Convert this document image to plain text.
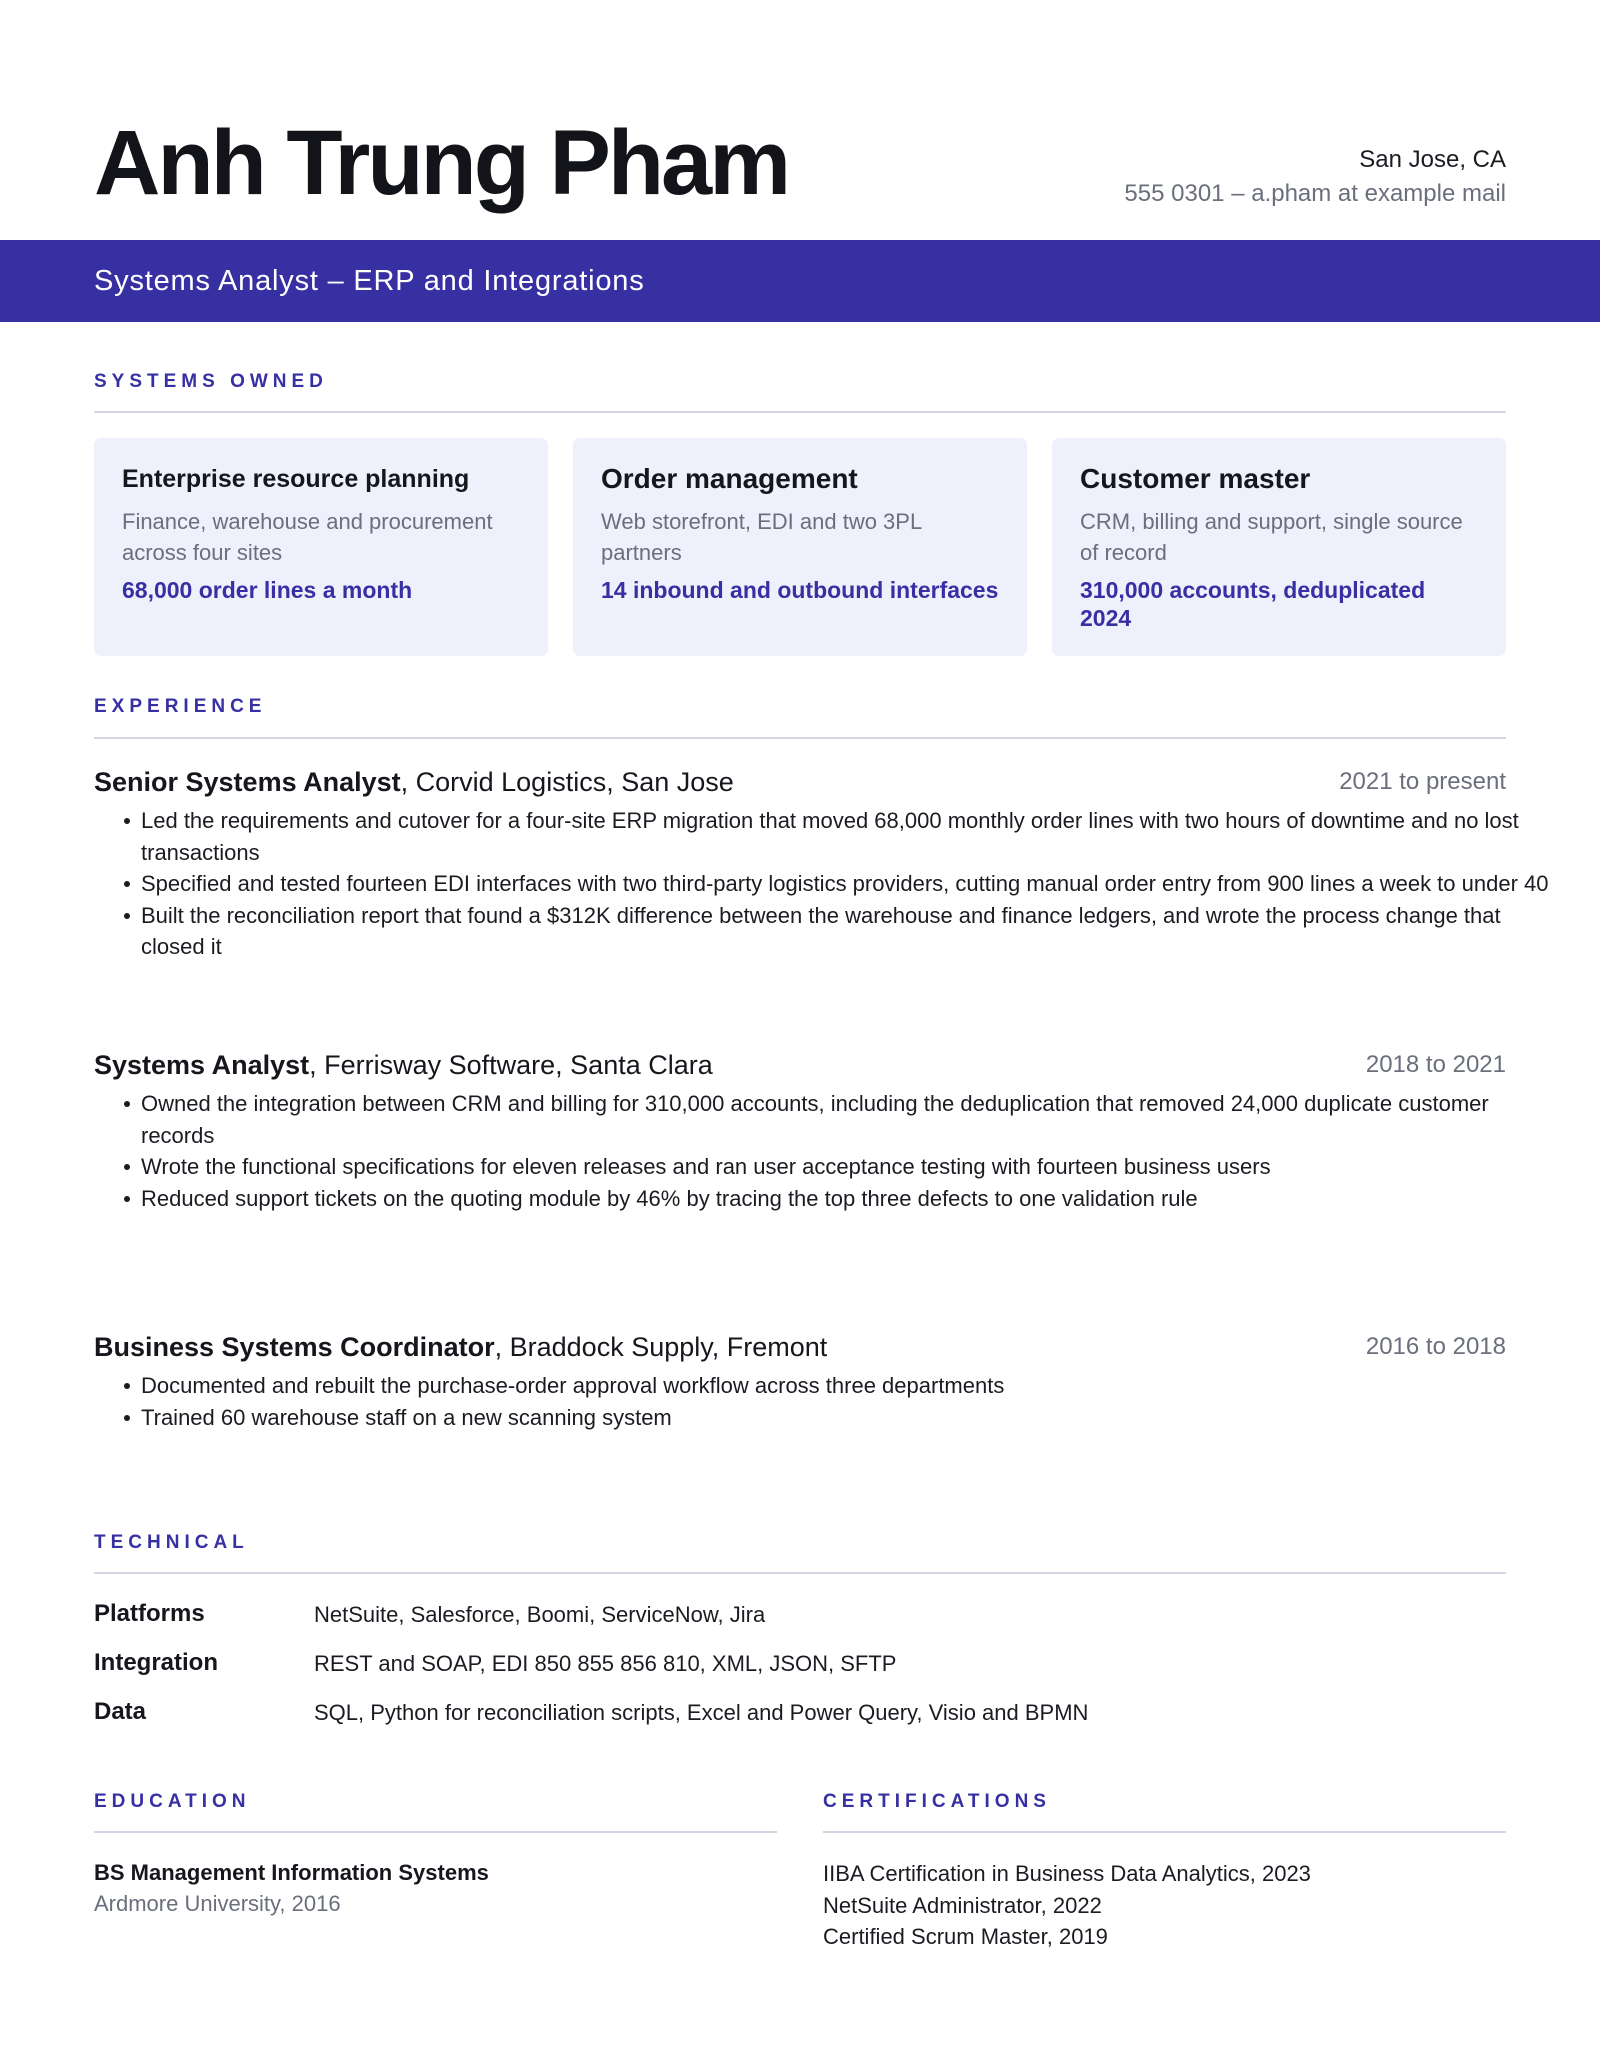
Anh Trung Pham	San Jose, CA
555 0301 – a.pham at example mail
Systems Analyst – ERP and Integrations
SYSTEMS OWNED
Enterprise resource planning
Finance, warehouse and procurement across four sites
68,000 order lines a month
Order management
Web storefront, EDI and two 3PL partners
14 inbound and outbound interfaces
Customer master
CRM, billing and support, single source of record
310,000 accounts, deduplicated 2024
EXPERIENCE
Senior Systems Analyst, Corvid Logistics, San Jose	2021 to present
Led the requirements and cutover for a four-site ERP migration that moved 68,000 monthly order lines with two hours of downtime and no lost transactions
Specified and tested fourteen EDI interfaces with two third-party logistics providers, cutting manual order entry from 900 lines a week to under 40
Built the reconciliation report that found a $312K difference between the warehouse and finance ledgers, and wrote the process change that closed it
Systems Analyst, Ferrisway Software, Santa Clara	2018 to 2021
Owned the integration between CRM and billing for 310,000 accounts, including the deduplication that removed 24,000 duplicate customer records
Wrote the functional specifications for eleven releases and ran user acceptance testing with fourteen business users
Reduced support tickets on the quoting module by 46% by tracing the top three defects to one validation rule
Business Systems Coordinator, Braddock Supply, Fremont	2016 to 2018
Documented and rebuilt the purchase-order approval workflow across three departments
Trained 60 warehouse staff on a new scanning system
TECHNICAL
Platforms	NetSuite, Salesforce, Boomi, ServiceNow, Jira
Integration	REST and SOAP, EDI 850 855 856 810, XML, JSON, SFTP
Data	SQL, Python for reconciliation scripts, Excel and Power Query, Visio and BPMN
EDUCATION
BS Management Information Systems
Ardmore University, 2016
CERTIFICATIONS
IIBA Certification in Business Data Analytics, 2023
NetSuite Administrator, 2022
Certified Scrum Master, 2019
